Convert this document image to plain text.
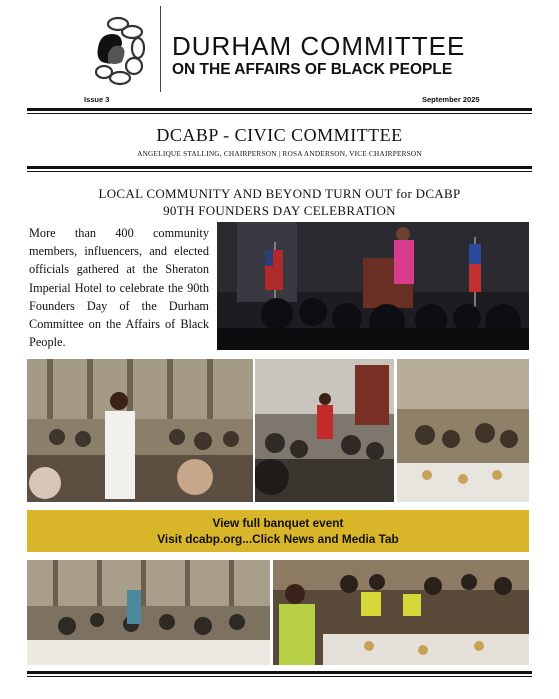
DURHAM COMMITTEE
ON THE AFFAIRS OF BLACK PEOPLE
Issue 3	September 2025
DCABP - CIVIC COMMITTEE
ANGELIQUE STALLING, CHAIRPERSON | ROSA ANDERSON, VICE CHAIRPERSON
LOCAL COMMUNITY AND BEYOND TURN OUT for DCABP
90TH FOUNDERS DAY CELEBRATION
More than 400 community members, influencers, and elected officials gathered at the Sheraton Imperial Hotel to celebrate the 90th Founders Day of the Durham Committee on the Affairs of Black People.
View full banquet event
Visit dcabp.org...Click News and Media Tab
